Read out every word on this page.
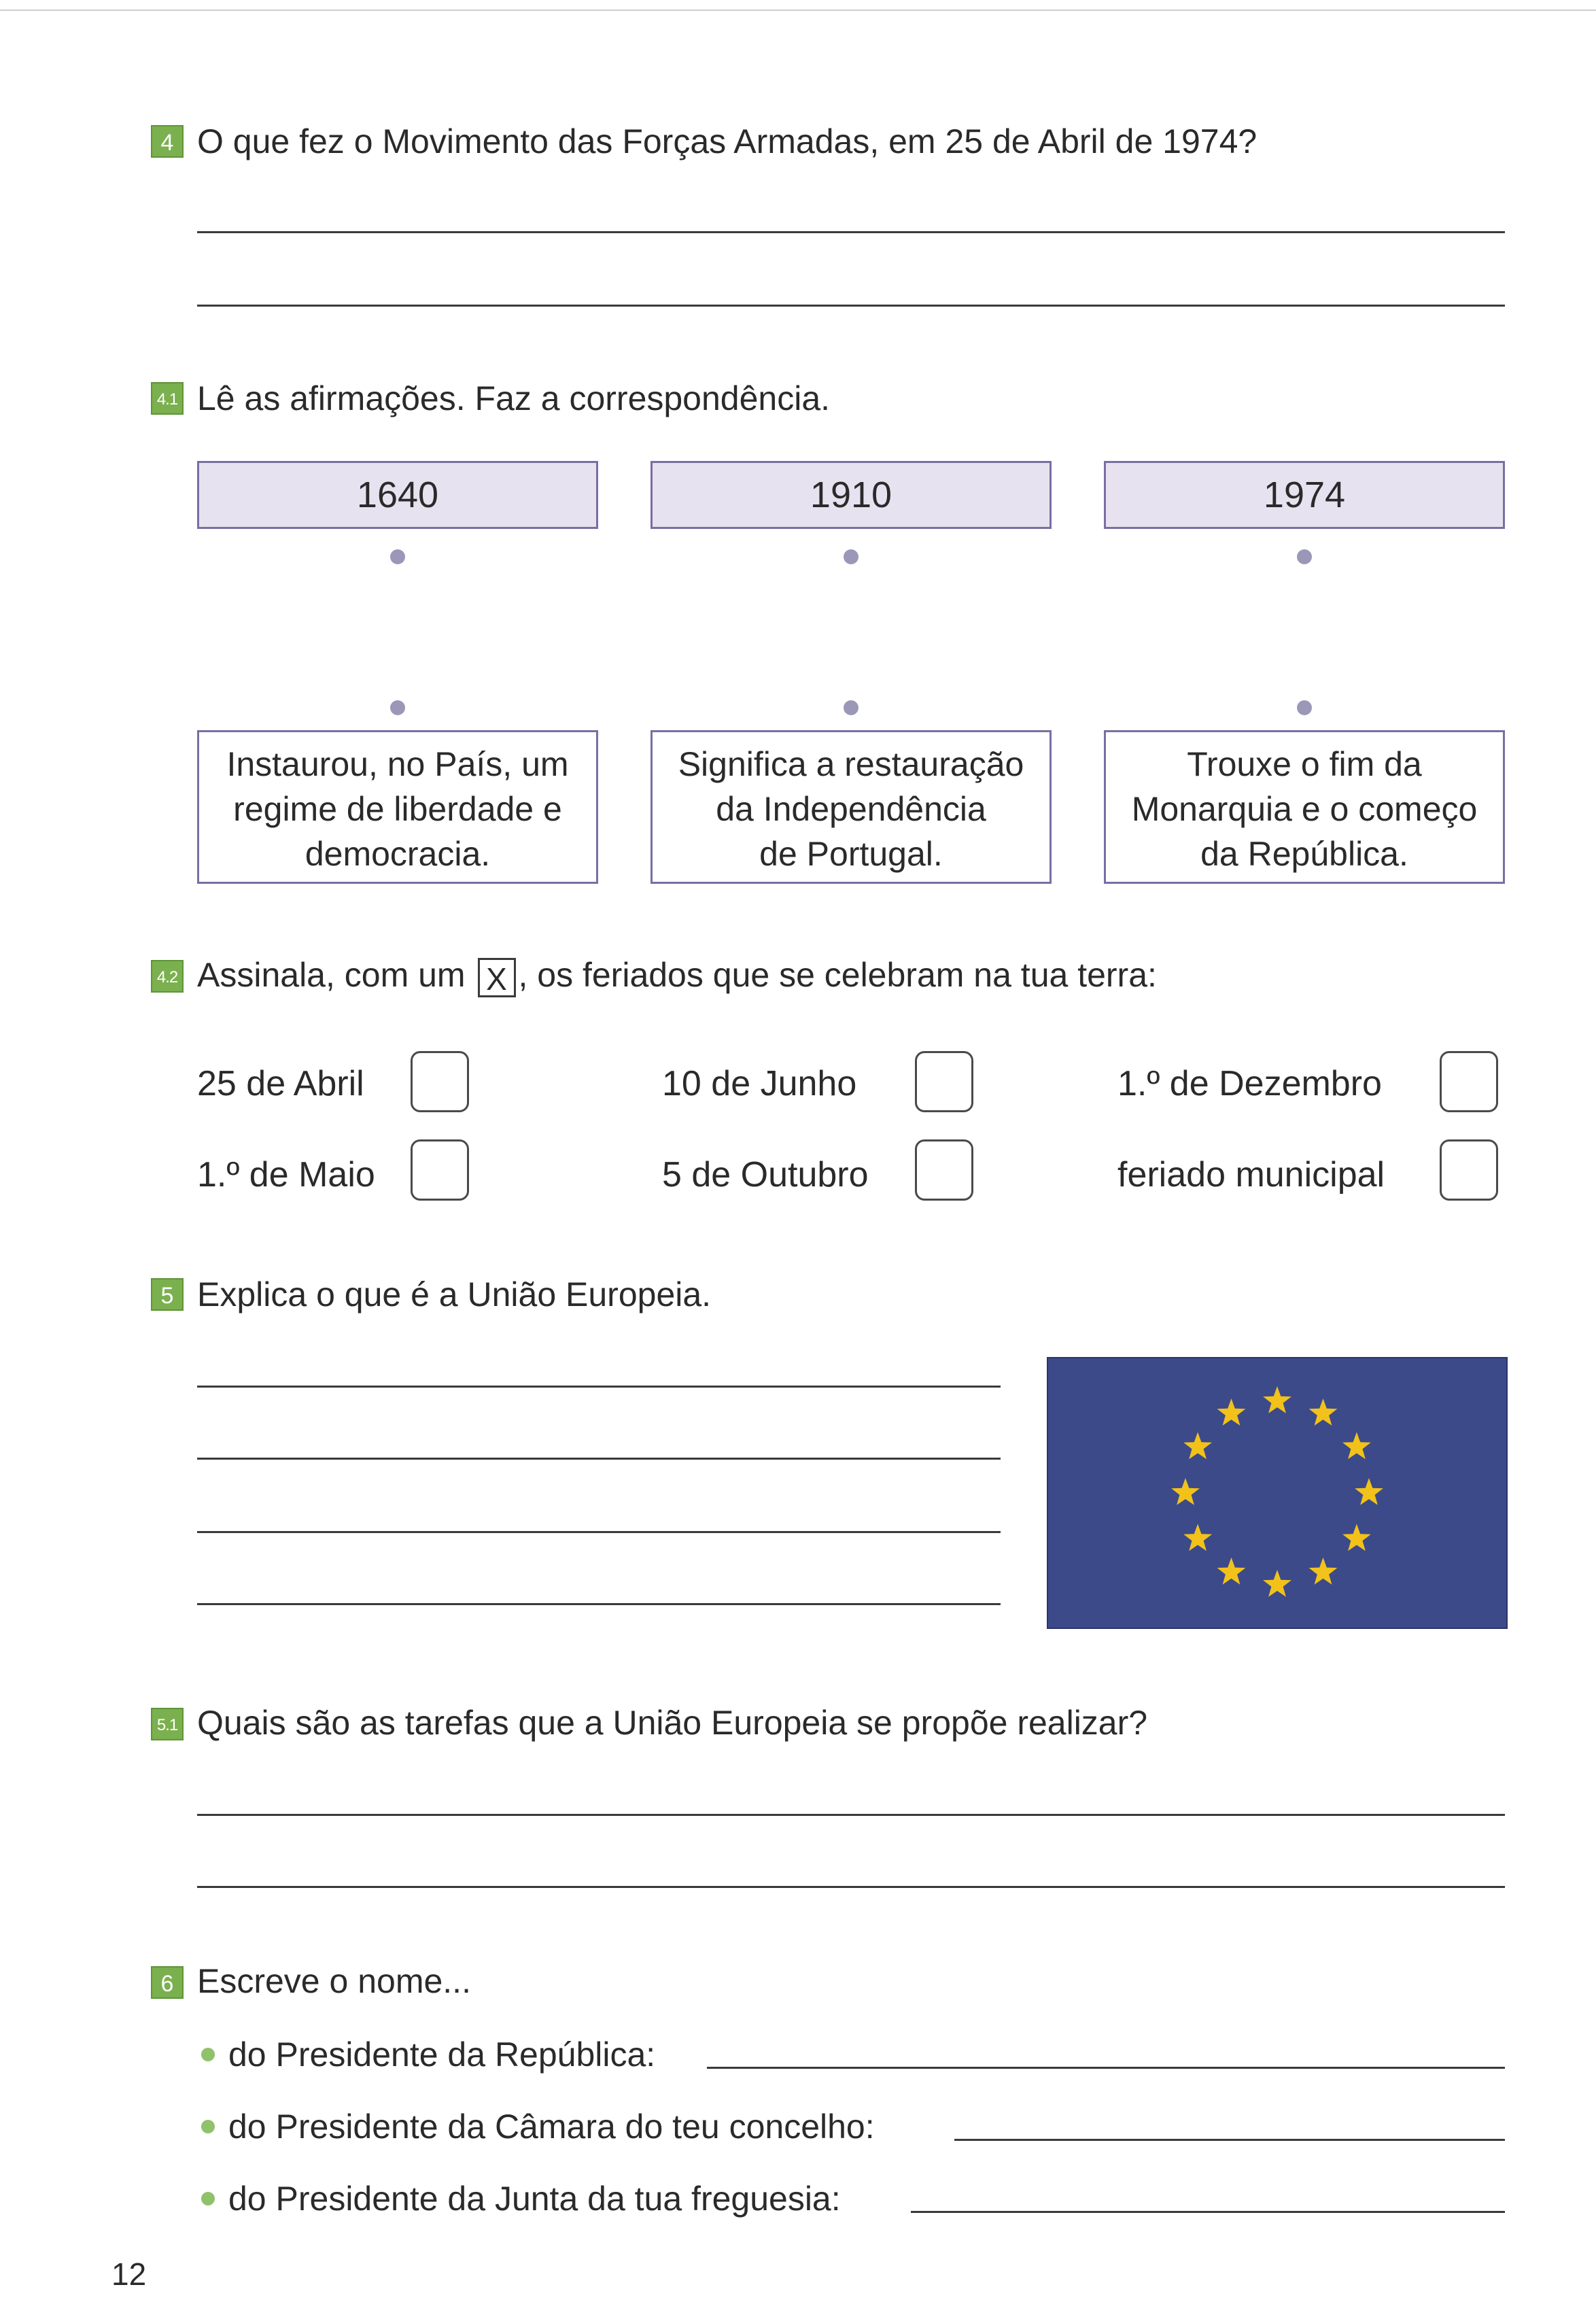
4 O que fez o Movimento das Forças Armadas, em 25 de Abril de 1974?
4.1 Lê as afirmações. Faz a correspondência.
1640	1910	1974
Instaurou, no País, um
regime de liberdade e
democracia.
Significa a restauração
da Independência
de Portugal.
Trouxe o fim da
Monarquia e o começo
da República.
4.2 Assinala, com um X , os feriados que se celebram na tua terra:
25 de Abril	10 de Junho	1.º de Dezembro
1.º de Maio	5 de Outubro	feriado municipal
5 Explica o que é a União Europeia.
5.1 Quais são as tarefas que a União Europeia se propõe realizar?
6 Escreve o nome...
do Presidente da República:
do Presidente da Câmara do teu concelho:
do Presidente da Junta da tua freguesia:
12
